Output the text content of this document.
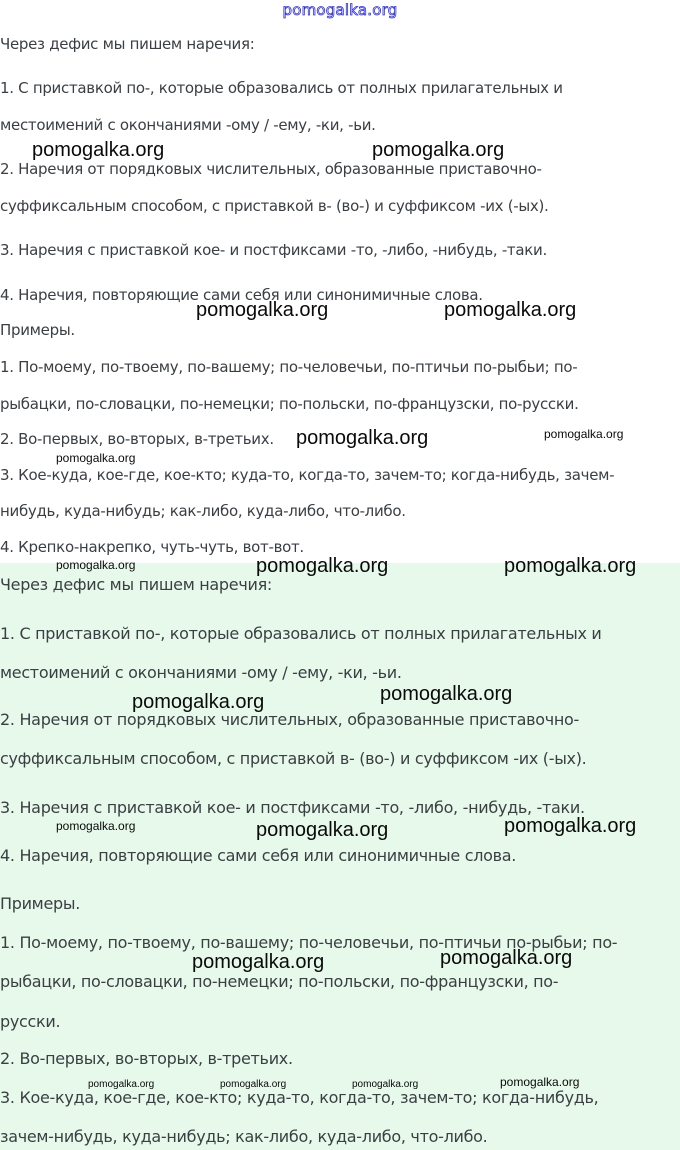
pomogalka.org
Через дефис мы пишем наречия:
1. С приставкой по-, которые образовались от полных прилагательных и
местоимений с окончаниями -ому / -ему, -ки, -ьи.
2. Наречия от порядковых числительных, образованные приставочно-
суффиксальным способом, с приставкой в- (во-) и суффиксом -их (-ых).
3. Наречия с приставкой кое- и постфиксами -то, -либо, -нибудь, -таки.
4. Наречия, повторяющие сами себя или синонимичные слова.
Примеры.
1. По-моему, по-твоему, по-вашему; по-человечьи, по-птичьи по-рыбьи; по-
рыбацки, по-словацки, по-немецки; по-польски, по-французски, по-русски.
2. Во-первых, во-вторых, в-третьих.
3. Кое-куда, кое-где, кое-кто; куда-то, когда-то, зачем-то; когда-нибудь, зачем-
нибудь, куда-нибудь; как-либо, куда-либо, что-либо.
4. Крепко-накрепко, чуть-чуть, вот-вот.
Через дефис мы пишем наречия:
1. С приставкой по-, которые образовались от полных прилагательных и
местоимений с окончаниями -ому / -ему, -ки, -ьи.
2. Наречия от порядковых числительных, образованные приставочно-
суффиксальным способом, с приставкой в- (во-) и суффиксом -их (-ых).
3. Наречия с приставкой кое- и постфиксами -то, -либо, -нибудь, -таки.
4. Наречия, повторяющие сами себя или синонимичные слова.
Примеры.
1. По-моему, по-твоему, по-вашему; по-человечьи, по-птичьи по-рыбьи; по-
рыбацки, по-словацки, по-немецки; по-польски, по-французски, по-
русски.
2. Во-первых, во-вторых, в-третьих.
3. Кое-куда, кое-где, кое-кто; куда-то, когда-то, зачем-то; когда-нибудь,
зачем-нибудь, куда-нибудь; как-либо, куда-либо, что-либо.
pomogalka.org	pomogalka.org
pomogalka.org	pomogalka.org
pomogalka.org	pomogalka.org
pomogalka.org
pomogalka.org	pomogalka.org	pomogalka.org
pomogalka.org	pomogalka.org
pomogalka.org	pomogalka.org	pomogalka.org
pomogalka.org	pomogalka.org
pomogalka.org	pomogalka.org	pomogalka.org	pomogalka.org
